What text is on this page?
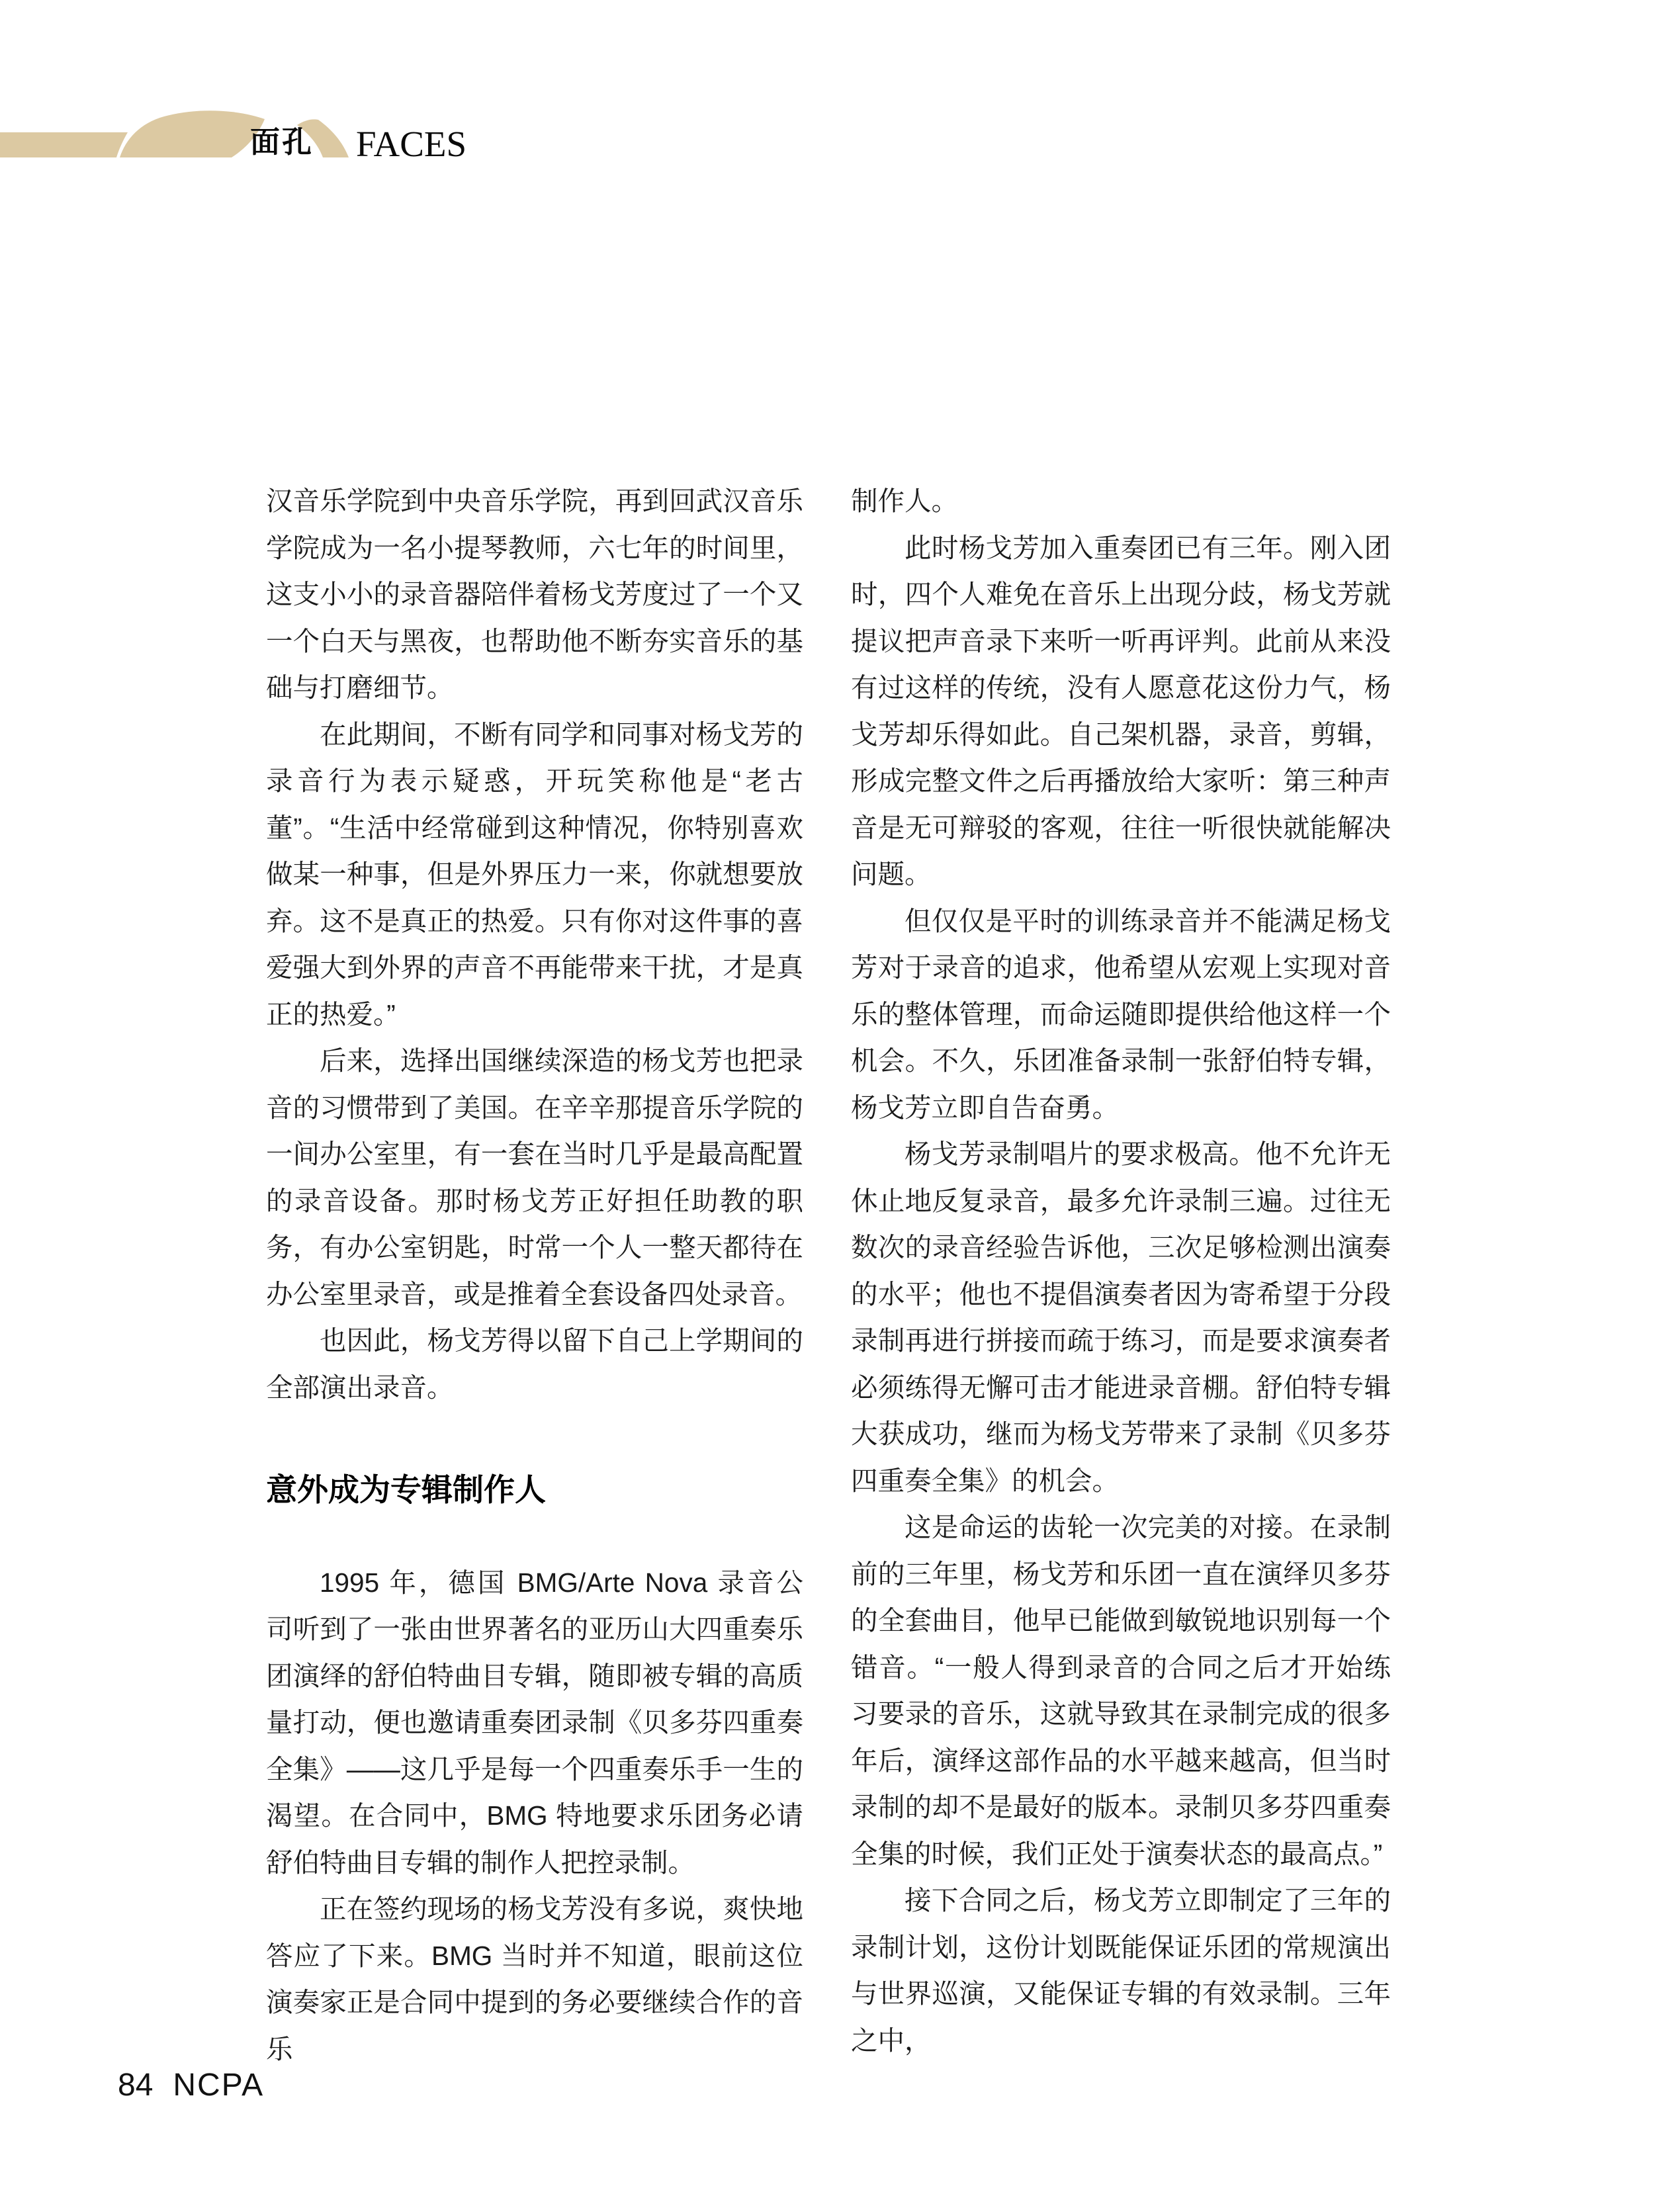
面孔 FACES

汉音乐学院到中央音乐学院，再到回武汉音乐学院成为一名小提琴教师，六七年的时间里，这支小小的录音器陪伴着杨戈芳度过了一个又一个白天与黑夜，也帮助他不断夯实音乐的基础与打磨细节。

在此期间，不断有同学和同事对杨戈芳的录音行为表示疑惑，开玩笑称他是“老古董”。“生活中经常碰到这种情况，你特别喜欢做某一种事，但是外界压力一来，你就想要放弃。这不是真正的热爱。只有你对这件事的喜爱强大到外界的声音不再能带来干扰，才是真正的热爱。”

后来，选择出国继续深造的杨戈芳也把录音的习惯带到了美国。在辛辛那提音乐学院的一间办公室里，有一套在当时几乎是最高配置的录音设备。那时杨戈芳正好担任助教的职务，有办公室钥匙，时常一个人一整天都待在办公室里录音，或是推着全套设备四处录音。

也因此，杨戈芳得以留下自己上学期间的全部演出录音。

意外成为专辑制作人

1995 年，德国 BMG/Arte Nova 录音公司听到了一张由世界著名的亚历山大四重奏乐团演绎的舒伯特曲目专辑，随即被专辑的高质量打动，便也邀请重奏团录制《贝多芬四重奏全集》——这几乎是每一个四重奏乐手一生的渴望。在合同中，BMG 特地要求乐团务必请舒伯特曲目专辑的制作人把控录制。

正在签约现场的杨戈芳没有多说，爽快地答应了下来。BMG 当时并不知道，眼前这位演奏家正是合同中提到的务必要继续合作的音乐

制作人。

此时杨戈芳加入重奏团已有三年。刚入团时，四个人难免在音乐上出现分歧，杨戈芳就提议把声音录下来听一听再评判。此前从来没有过这样的传统，没有人愿意花这份力气，杨戈芳却乐得如此。自己架机器，录音，剪辑，形成完整文件之后再播放给大家听：第三种声音是无可辩驳的客观，往往一听很快就能解决问题。

但仅仅是平时的训练录音并不能满足杨戈芳对于录音的追求，他希望从宏观上实现对音乐的整体管理，而命运随即提供给他这样一个机会。不久，乐团准备录制一张舒伯特专辑，杨戈芳立即自告奋勇。

杨戈芳录制唱片的要求极高。他不允许无休止地反复录音，最多允许录制三遍。过往无数次的录音经验告诉他，三次足够检测出演奏的水平；他也不提倡演奏者因为寄希望于分段录制再进行拼接而疏于练习，而是要求演奏者必须练得无懈可击才能进录音棚。舒伯特专辑大获成功，继而为杨戈芳带来了录制《贝多芬四重奏全集》的机会。

这是命运的齿轮一次完美的对接。在录制前的三年里，杨戈芳和乐团一直在演绎贝多芬的全套曲目，他早已能做到敏锐地识别每一个错音。“一般人得到录音的合同之后才开始练习要录的音乐，这就导致其在录制完成的很多年后，演绎这部作品的水平越来越高，但当时录制的却不是最好的版本。录制贝多芬四重奏全集的时候，我们正处于演奏状态的最高点。”

接下合同之后，杨戈芳立即制定了三年的录制计划，这份计划既能保证乐团的常规演出与世界巡演，又能保证专辑的有效录制。三年之中，

84 NCPA
